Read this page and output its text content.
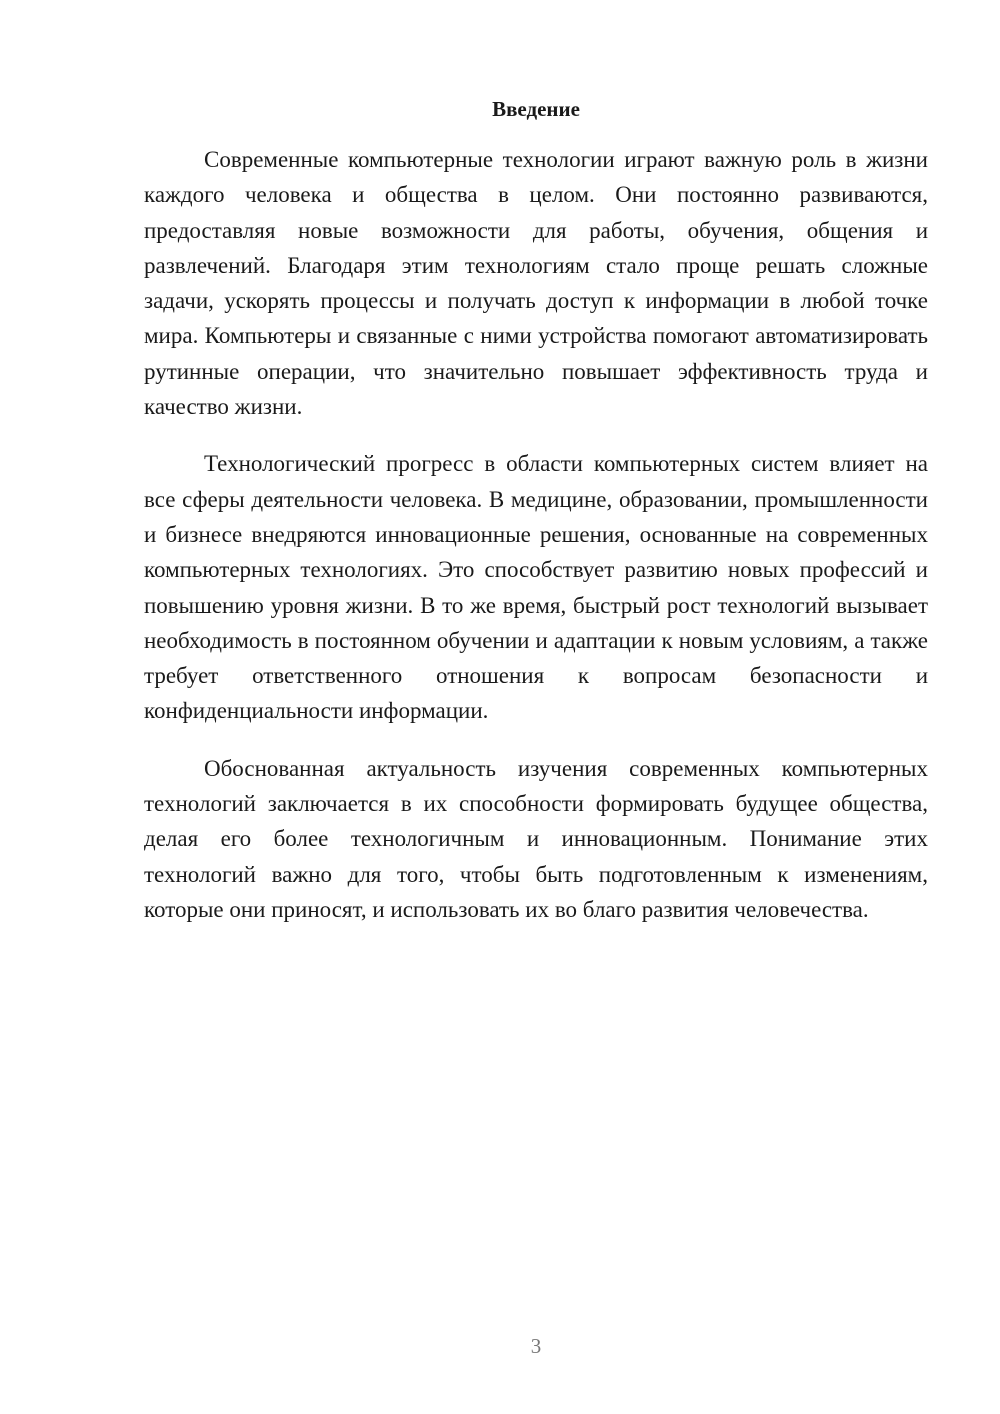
Введение

Современные компьютерные технологии играют важную роль в жизни каждого человека и общества в целом. Они постоянно развиваются, предоставляя новые возможности для работы, обучения, общения и развлечений. Благодаря этим технологиям стало проще решать сложные задачи, ускорять процессы и получать доступ к информации в любой точке мира. Компьютеры и связанные с ними устройства помогают автоматизировать рутинные операции, что значительно повышает эффективность труда и качество жизни.

Технологический прогресс в области компьютерных систем влияет на все сферы деятельности человека. В медицине, образовании, промышленности и бизнесе внедряются инновационные решения, основанные на современных компьютерных технологиях. Это способствует развитию новых профессий и повышению уровня жизни. В то же время, быстрый рост технологий вызывает необходимость в постоянном обучении и адаптации к новым условиям, а также требует ответственного отношения к вопросам безопасности и конфиденциальности информации.

Обоснованная актуальность изучения современных компьютерных технологий заключается в их способности формировать будущее общества, делая его более технологичным и инновационным. Понимание этих технологий важно для того, чтобы быть подготовленным к изменениям, которые они приносят, и использовать их во благо развития человечества.

3
